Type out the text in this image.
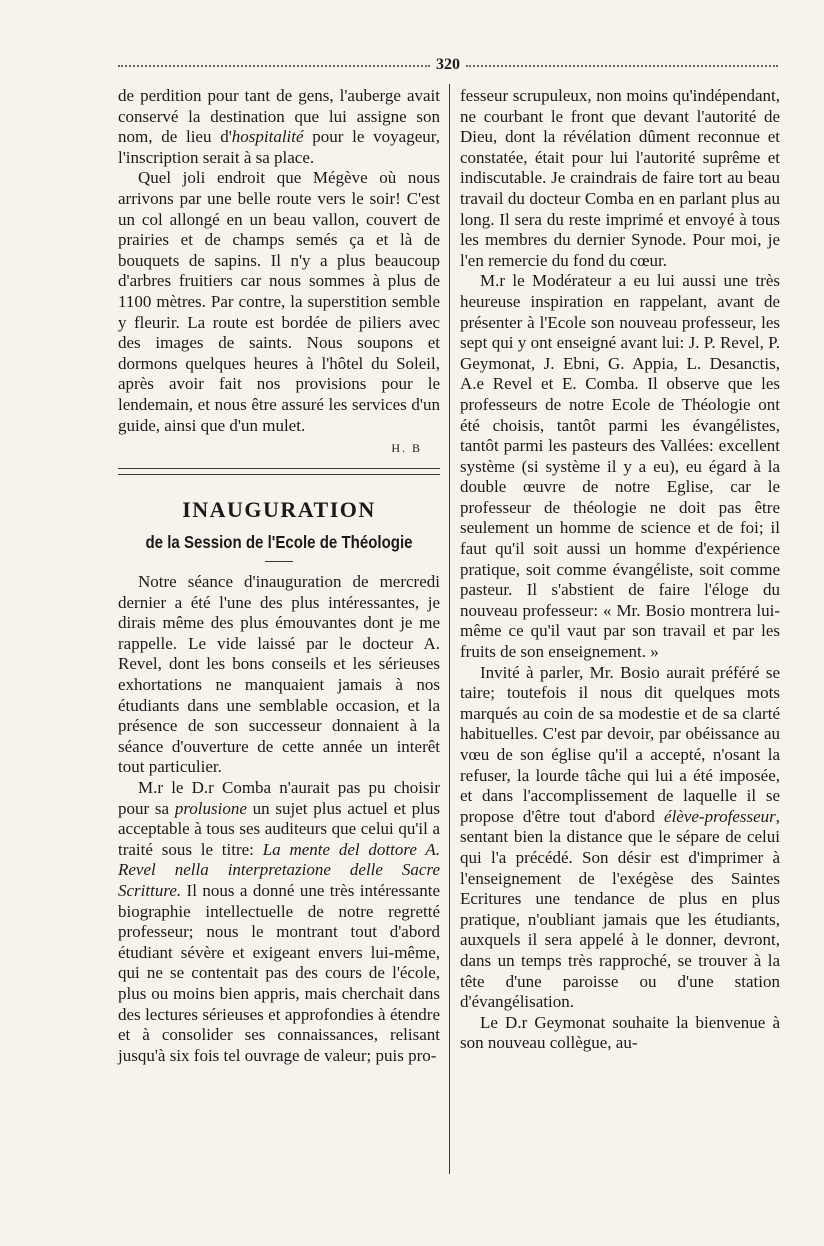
320

de perdition pour tant de gens, l'auberge avait conservé la destination que lui assigne son nom, de lieu d'hospitalité pour le voyageur, l'inscription serait à sa place.

Quel joli endroit que Mégève où nous arrivons par une belle route vers le soir! C'est un col allongé en un beau vallon, couvert de prairies et de champs semés ça et là de bouquets de sapins. Il n'y a plus beaucoup d'arbres fruitiers car nous sommes à plus de 1100 mètres. Par contre, la superstition semble y fleurir. La route est bordée de piliers avec des images de saints. Nous soupons et dormons quelques heures à l'hôtel du Soleil, après avoir fait nos provisions pour le lendemain, et nous être assuré les services d'un guide, ainsi que d'un mulet.

H. B
INAUGURATION
de la Session de l'Ecole de Théologie

Notre séance d'inauguration de mercredi dernier a été l'une des plus intéressantes, je dirais même des plus émouvantes dont je me rappelle. Le vide laissé par le docteur A. Revel, dont les bons conseils et les sérieuses exhortations ne manquaient jamais à nos étudiants dans une semblable occasion, et la présence de son successeur donnaient à la séance d'ouverture de cette année un interêt tout particulier.

M.r le D.r Comba n'aurait pas pu choisir pour sa prolusione un sujet plus actuel et plus acceptable à tous ses auditeurs que celui qu'il a traité sous le titre: La mente del dottore A. Revel nella interpretazione delle Sacre Scritture. Il nous a donné une très intéressante biographie intellectuelle de notre regretté professeur; nous le montrant tout d'abord étudiant sévère et exigeant envers lui-même, qui ne se contentait pas des cours de l'école, plus ou moins bien appris, mais cherchait dans des lectures sérieuses et approfondies à étendre et à consolider ses connaissances, relisant jusqu'à six fois tel ouvrage de valeur; puis pro-

fesseur scrupuleux, non moins qu'indépendant, ne courbant le front que devant l'autorité de Dieu, dont la révélation dûment reconnue et constatée, était pour lui l'autorité suprême et indiscutable. Je craindrais de faire tort au beau travail du docteur Comba en en parlant plus au long. Il sera du reste imprimé et envoyé à tous les membres du dernier Synode. Pour moi, je l'en remercie du fond du cœur.

M.r le Modérateur a eu lui aussi une très heureuse inspiration en rappelant, avant de présenter à l'Ecole son nouveau professeur, les sept qui y ont enseigné avant lui: J. P. Revel, P. Geymonat, J. Ebni, G. Appia, L. Desanctis, A.e Revel et E. Comba. Il observe que les professeurs de notre Ecole de Théologie ont été choisis, tantôt parmi les évangélistes, tantôt parmi les pasteurs des Vallées: excellent système (si système il y a eu), eu égard à la double œuvre de notre Eglise, car le professeur de théologie ne doit pas être seulement un homme de science et de foi; il faut qu'il soit aussi un homme d'expérience pratique, soit comme évangéliste, soit comme pasteur. Il s'abstient de faire l'éloge du nouveau professeur: « Mr. Bosio montrera lui-même ce qu'il vaut par son travail et par les fruits de son enseignement. »

Invité à parler, Mr. Bosio aurait préféré se taire; toutefois il nous dit quelques mots marqués au coin de sa modestie et de sa clarté habituelles. C'est par devoir, par obéissance au vœu de son église qu'il a accepté, n'osant la refuser, la lourde tâche qui lui a été imposée, et dans l'accomplissement de laquelle il se propose d'être tout d'abord élève-professeur, sentant bien la distance que le sépare de celui qui l'a précédé. Son désir est d'imprimer à l'enseignement de l'exégèse des Saintes Ecritures une tendance de plus en plus pratique, n'oubliant jamais que les étudiants, auxquels il sera appelé à le donner, devront, dans un temps très rapproché, se trouver à la tête d'une paroisse ou d'une station d'évangélisation.

Le D.r Geymonat souhaite la bienvenue à son nouveau collègue, au-
